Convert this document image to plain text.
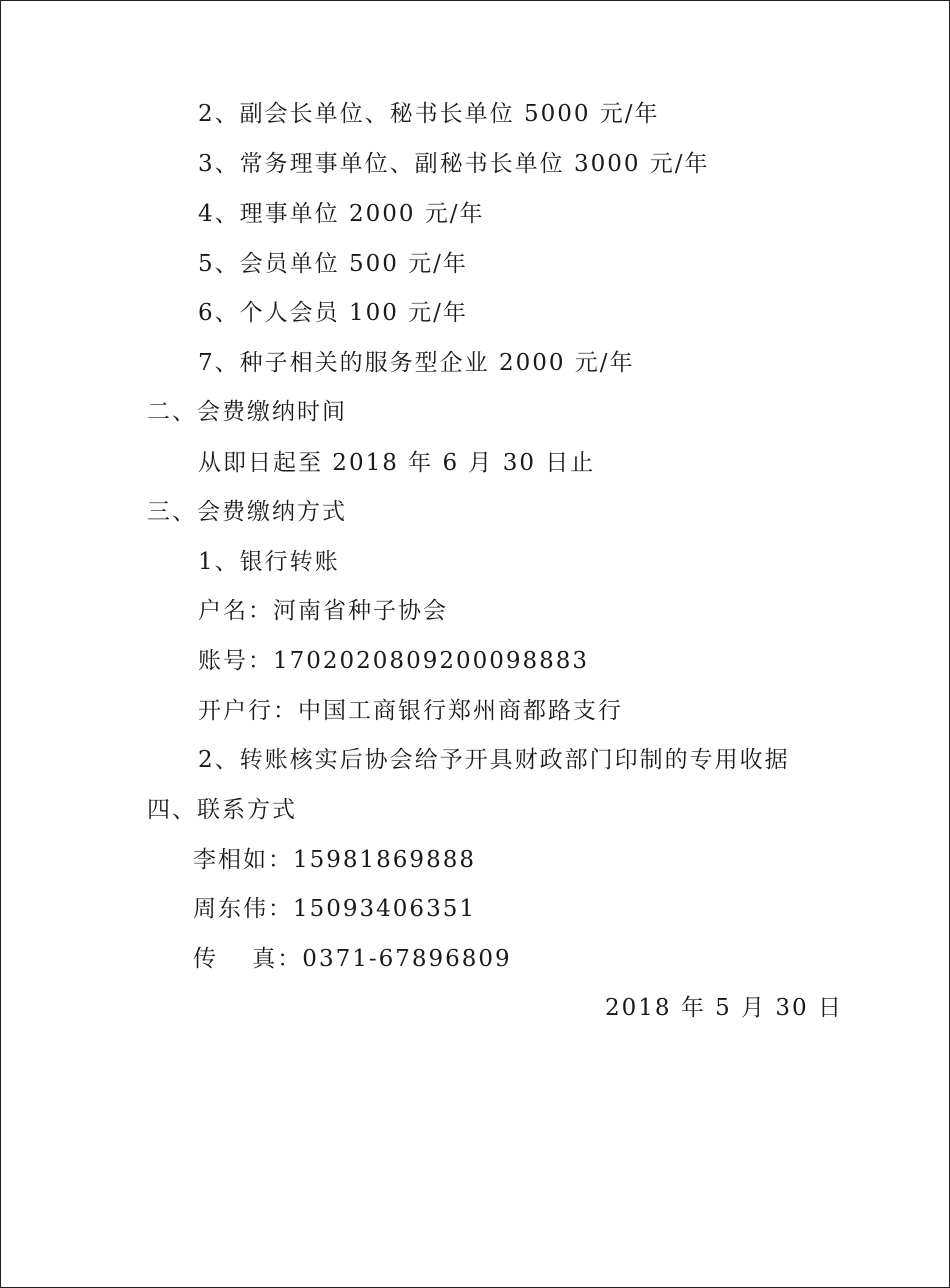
2、副会长单位、秘书长单位 5000 元/年
3、常务理事单位、副秘书长单位 3000 元/年
4、理事单位 2000 元/年
5、会员单位 500 元/年
6、个人会员 100 元/年
7、种子相关的服务型企业 2000 元/年
二、会费缴纳时间
从即日起至 2018 年 6 月 30 日止
三、会费缴纳方式
1、银行转账
户名：河南省种子协会
账号：1702020809200098883
开户行：中国工商银行郑州商都路支行
2、转账核实后协会给予开具财政部门印制的专用收据
四、联系方式
李相如：15981869888
周东伟：15093406351
传　 真：0371-67896809
2018 年 5 月 30 日
